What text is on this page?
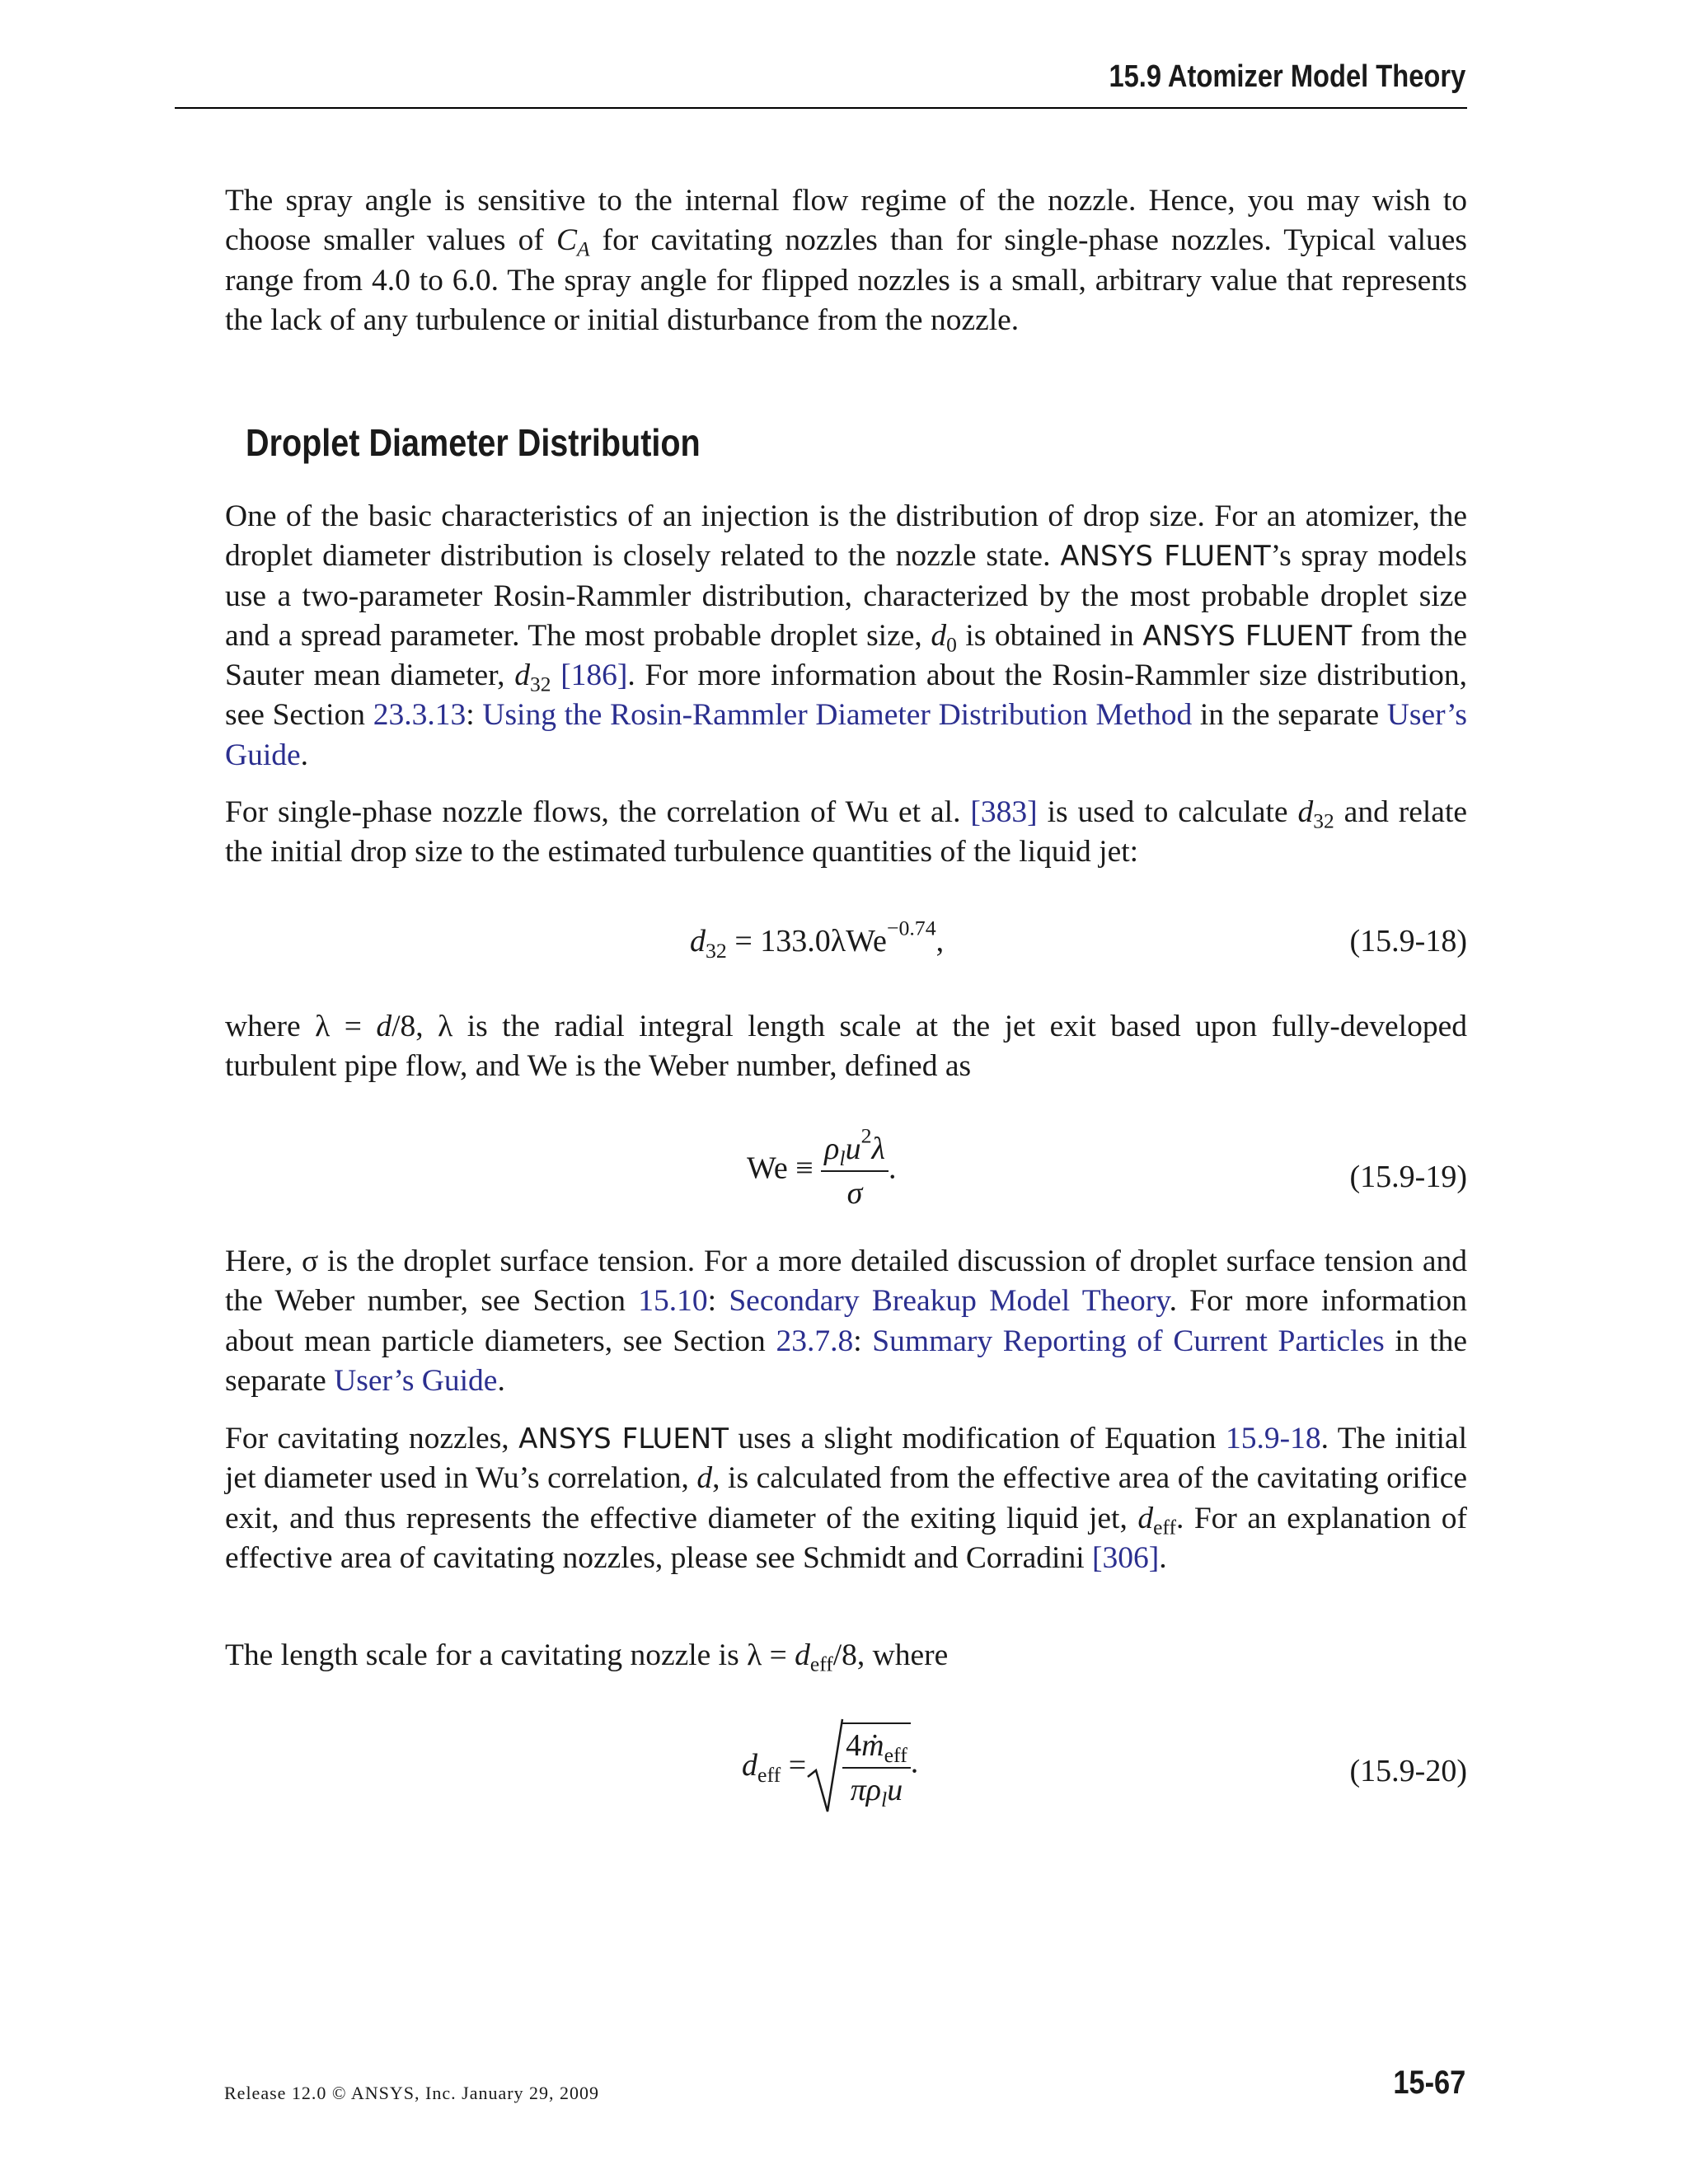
15.9 Atomizer Model Theory

The spray angle is sensitive to the internal flow regime of the nozzle. Hence, you may wish to choose smaller values of $C_A$ for cavitating nozzles than for single-phase nozzles. Typical values range from 4.0 to 6.0. The spray angle for flipped nozzles is a small, arbitrary value that represents the lack of any turbulence or initial disturbance from the nozzle.

Droplet Diameter Distribution

One of the basic characteristics of an injection is the distribution of drop size. For an atomizer, the droplet diameter distribution is closely related to the nozzle state. ANSYS FLUENT’s spray models use a two-parameter Rosin-Rammler distribution, characterized by the most probable droplet size and a spread parameter. The most probable droplet size, $d_0$ is obtained in ANSYS FLUENT from the Sauter mean diameter, $d_{32}$ [186]. For more information about the Rosin-Rammler size distribution, see Section 23.3.13: Using the Rosin-Rammler Diameter Distribution Method in the separate User’s Guide.

For single-phase nozzle flows, the correlation of Wu et al. [383] is used to calculate $d_{32}$ and relate the initial drop size to the estimated turbulence quantities of the liquid jet:

$d_{32} = 133.0\lambda We^{-0.74}$,	(15.9-18)

where λ = d/8, λ is the radial integral length scale at the jet exit based upon fully-developed turbulent pipe flow, and We is the Weber number, defined as

$We \equiv \frac{\rho_lu^2\lambda}{\sigma}$ .	(15.9-19)

Here, σ is the droplet surface tension. For a more detailed discussion of droplet surface tension and the Weber number, see Section 15.10: Secondary Breakup Model Theory. For more information about mean particle diameters, see Section 23.7.8: Summary Reporting of Current Particles in the separate User’s Guide.

For cavitating nozzles, ANSYS FLUENT uses a slight modification of Equation 15.9-18. The initial jet diameter used in Wu’s correlation, d, is calculated from the effective area of the cavitating orifice exit, and thus represents the effective diameter of the exiting liquid jet, $d_{eff}$. For an explanation of effective area of cavitating nozzles, please see Schmidt and Corradini [306].

The length scale for a cavitating nozzle is $\lambda = d_{eff}/8$, where

$d_{eff} = \frac{4ṁ_{eff}}{\pi\rho_lu}$ .	(15.9-20)
Release 12.0 © ANSYS, Inc. January 29, 2009	15-67
